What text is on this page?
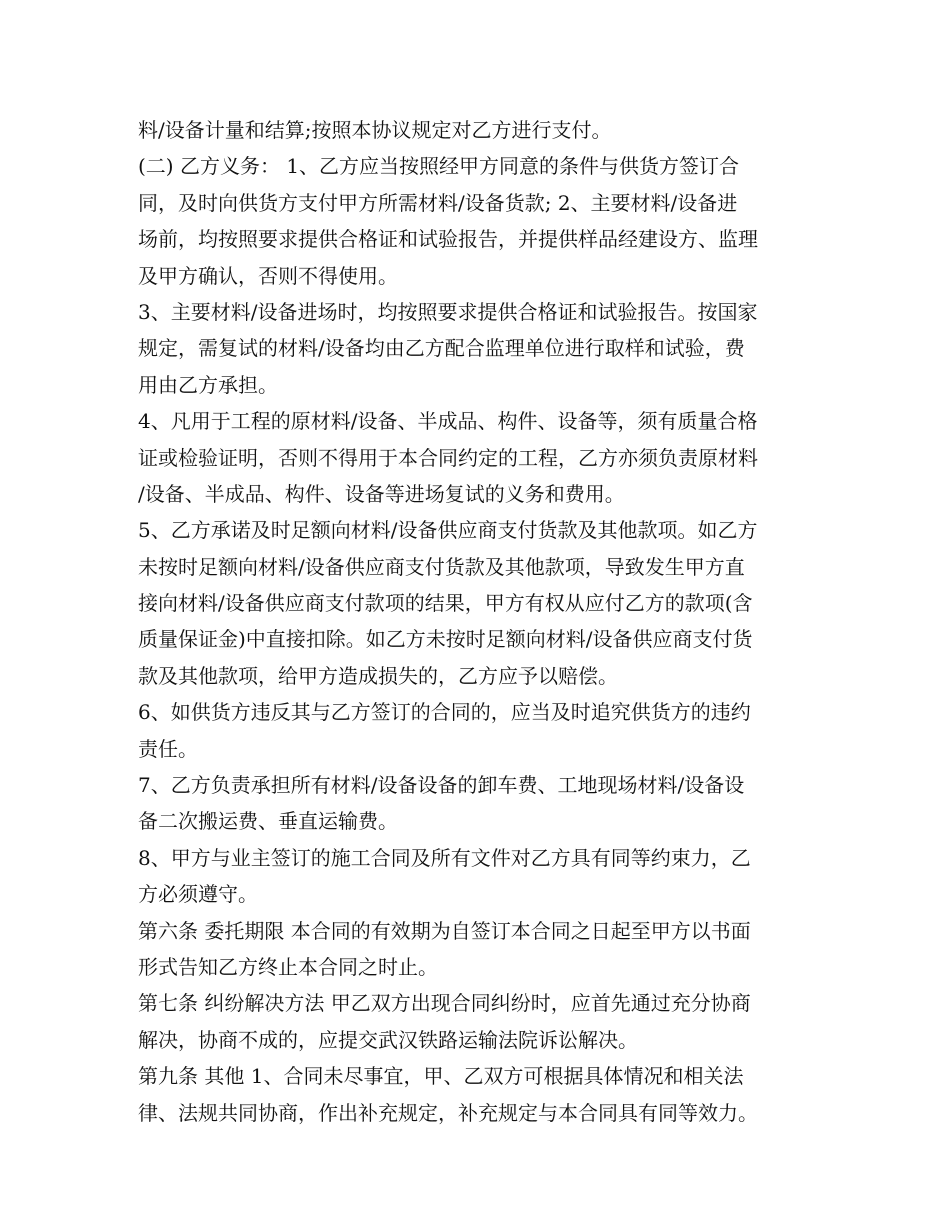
料/设备计量和结算;按照本协议规定对乙方进行支付。
(二) 乙方义务： 1、乙方应当按照经甲方同意的条件与供货方签订合
同，及时向供货方支付甲方所需材料/设备货款; 2、主要材料/设备进
场前，均按照要求提供合格证和试验报告，并提供样品经建设方、监理
及甲方确认，否则不得使用。
3、主要材料/设备进场时，均按照要求提供合格证和试验报告。按国家
规定，需复试的材料/设备均由乙方配合监理单位进行取样和试验，费
用由乙方承担。
4、凡用于工程的原材料/设备、半成品、构件、设备等，须有质量合格
证或检验证明，否则不得用于本合同约定的工程，乙方亦须负责原材料
/设备、半成品、构件、设备等进场复试的义务和费用。
5、乙方承诺及时足额向材料/设备供应商支付货款及其他款项。如乙方
未按时足额向材料/设备供应商支付货款及其他款项，导致发生甲方直
接向材料/设备供应商支付款项的结果，甲方有权从应付乙方的款项(含
质量保证金)中直接扣除。如乙方未按时足额向材料/设备供应商支付货
款及其他款项，给甲方造成损失的，乙方应予以赔偿。
6、如供货方违反其与乙方签订的合同的，应当及时追究供货方的违约
责任。
7、乙方负责承担所有材料/设备设备的卸车费、工地现场材料/设备设
备二次搬运费、垂直运输费。
8、甲方与业主签订的施工合同及所有文件对乙方具有同等约束力，乙
方必须遵守。
第六条 委托期限 本合同的有效期为自签订本合同之日起至甲方以书面
形式告知乙方终止本合同之时止。
第七条 纠纷解决方法 甲乙双方出现合同纠纷时，应首先通过充分协商
解决，协商不成的，应提交武汉铁路运输法院诉讼解决。
第九条 其他 1、合同未尽事宜，甲、乙双方可根据具体情况和相关法
律、法规共同协商，作出补充规定，补充规定与本合同具有同等效力。
